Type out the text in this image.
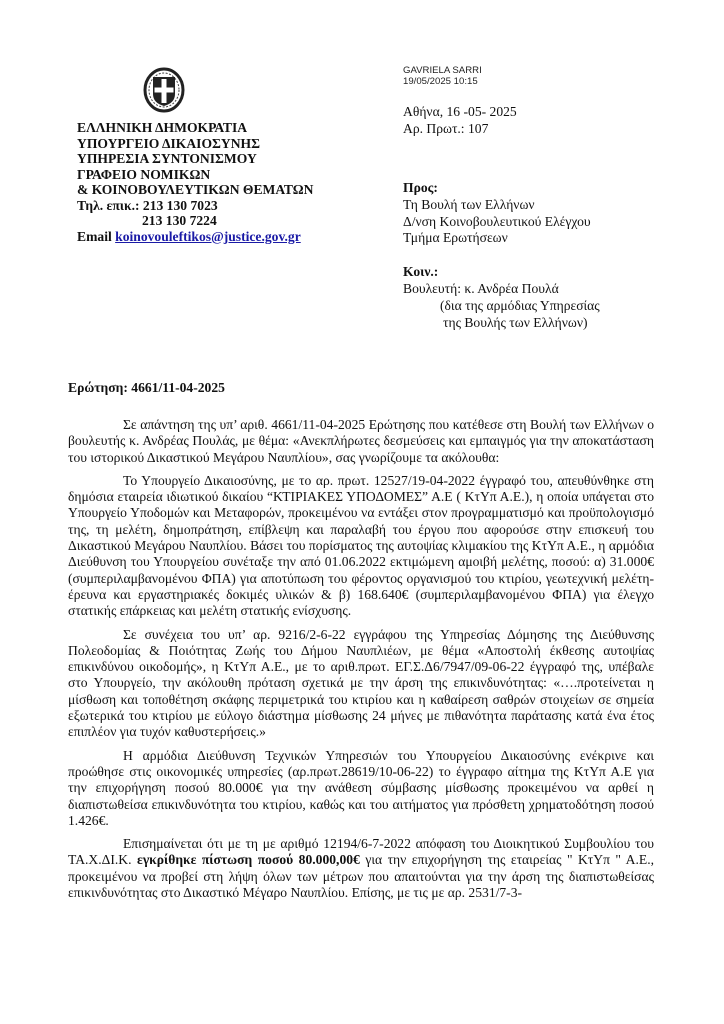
ΕΛΛΗΝΙΚΗ ΔΗΜΟΚΡΑΤΙΑ
ΥΠΟΥΡΓΕΙΟ ΔΙΚΑΙΟΣΥΝΗΣ
ΥΠΗΡΕΣΙΑ ΣΥΝΤΟΝΙΣΜΟΥ
ΓΡΑΦΕΙΟ ΝΟΜΙΚΩΝ
& ΚΟΙΝΟΒΟΥΛΕΥΤΙΚΩΝ ΘΕΜΑΤΩΝ
Τηλ. επικ.: 213 130 7023
213 130 7224
Email koinovouleftikos@justice.gov.gr
GAVRIELA SARRI
19/05/2025 10:15
Αθήνα, 16 -05- 2025
Αρ. Πρωτ.: 107
Προς:
Τη Βουλή των Ελλήνων
Δ/νση Κοινοβουλευτικού Ελέγχου
Τμήμα Ερωτήσεων
Κοιν.:
Βουλευτή: κ. Ανδρέα Πουλά
(δια της αρμόδιας Υπηρεσίας
της Βουλής των Ελλήνων)
Ερώτηση: 4661/11-04-2025

Σε απάντηση της υπ’ αριθ. 4661/11-04-2025 Ερώτησης που κατέθεσε στη Βουλή των Ελλήνων ο βουλευτής κ. Ανδρέας Πουλάς, με θέμα: «Ανεκπλήρωτες δεσμεύσεις και εμπαιγμός για την αποκατάσταση του ιστορικού Δικαστικού Μεγάρου Ναυπλίου», σας γνωρίζουμε τα ακόλουθα:

Το Υπουργείο Δικαιοσύνης, με το αρ. πρωτ. 12527/19-04-2022 έγγραφό του, απευθύνθηκε στη δημόσια εταιρεία ιδιωτικού δικαίου “ΚΤΙΡΙΑΚΕΣ ΥΠΟΔΟΜΕΣ” Α.Ε ( ΚτΥπ Α.Ε.), η οποία υπάγεται στο Υπουργείο Υποδομών και Μεταφορών, προκειμένου να εντάξει στον προγραμματισμό και προϋπολογισμό της, τη μελέτη, δημοπράτηση, επίβλεψη και παραλαβή του έργου που αφορούσε στην επισκευή του Δικαστικού Μεγάρου Ναυπλίου. Βάσει του πορίσματος της αυτοψίας κλιμακίου της ΚτΥπ Α.Ε., η αρμόδια Διεύθυνση του Υπουργείου συνέταξε την από 01.06.2022 εκτιμώμενη αμοιβή μελέτης, ποσού: α) 31.000€ (συμπεριλαμβανομένου ΦΠΑ) για αποτύπωση του φέροντος οργανισμού του κτιρίου, γεωτεχνική μελέτη-έρευνα και εργαστηριακές δοκιμές υλικών & β) 168.640€ (συμπεριλαμβανομένου ΦΠΑ) για έλεγχο στατικής επάρκειας και μελέτη στατικής ενίσχυσης.

Σε συνέχεια του υπ’ αρ. 9216/2-6-22 εγγράφου της Υπηρεσίας Δόμησης της Διεύθυνσης Πολεοδομίας & Ποιότητας Ζωής του Δήμου Ναυπλιέων, με θέμα «Αποστολή έκθεσης αυτοψίας επικινδύνου οικοδομής», η ΚτΥπ Α.Ε., με το αριθ.πρωτ. ΕΓ.Σ.Δ6/7947/09-06-22 έγγραφό της, υπέβαλε στο Υπουργείο, την ακόλουθη πρόταση σχετικά με την άρση της επικινδυνότητας: «….προτείνεται η μίσθωση και τοποθέτηση σκάφης περιμετρικά του κτιρίου και η καθαίρεση σαθρών στοιχείων σε σημεία εξωτερικά του κτιρίου με εύλογο διάστημα μίσθωσης 24 μήνες με πιθανότητα παράτασης κατά ένα έτος επιπλέον για τυχόν καθυστερήσεις.»

Η αρμόδια Διεύθυνση Τεχνικών Υπηρεσιών του Υπουργείου Δικαιοσύνης ενέκρινε και προώθησε στις οικονομικές υπηρεσίες (αρ.πρωτ.28619/10-06-22) το έγγραφο αίτημα της ΚτΥπ Α.Ε για την επιχορήγηση ποσού 80.000€ για την ανάθεση σύμβασης μίσθωσης προκειμένου να αρθεί η διαπιστωθείσα επικινδυνότητα του κτιρίου, καθώς και του αιτήματος για πρόσθετη χρηματοδότηση ποσού 1.426€.

Επισημαίνεται ότι με τη με αριθμό 12194/6-7-2022 απόφαση του Διοικητικού Συμβουλίου του ΤΑ.Χ.ΔΙ.Κ. εγκρίθηκε πίστωση ποσού 80.000,00€ για την επιχορήγηση της εταιρείας " ΚτΥπ " Α.Ε., προκειμένου να προβεί στη λήψη όλων των μέτρων που απαιτούνται για την άρση της διαπιστωθείσας επικινδυνότητας στο Δικαστικό Μέγαρο Ναυπλίου. Επίσης, με τις με αρ. 2531/7-3-
